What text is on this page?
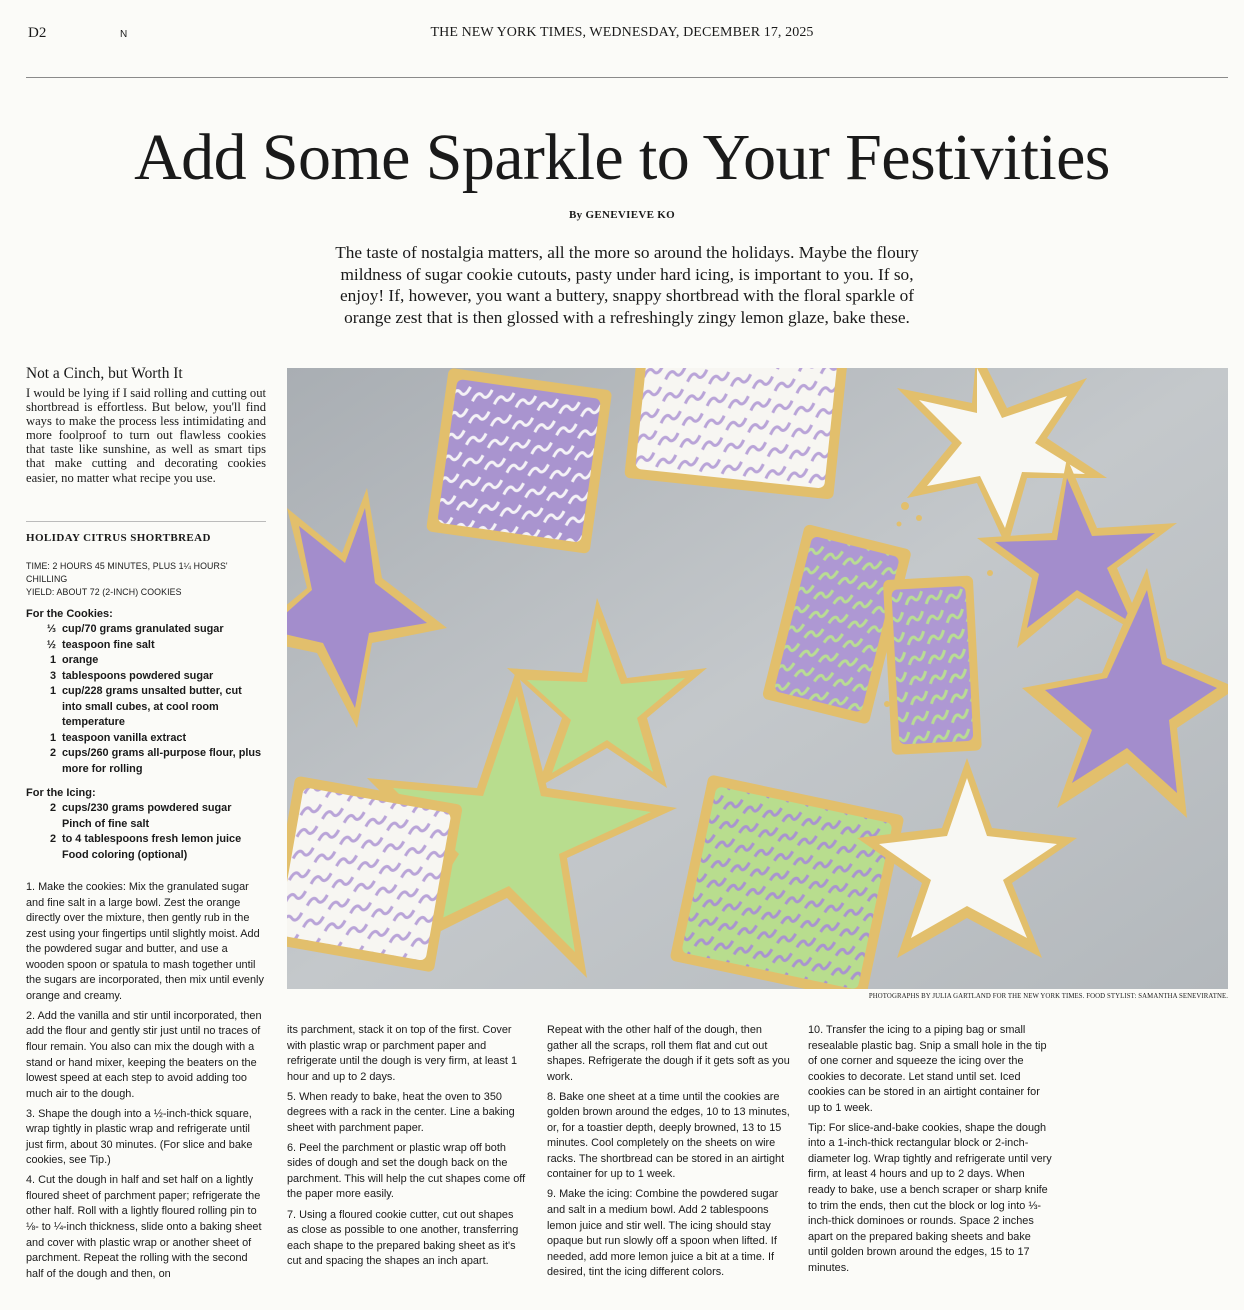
D2	N	THE NEW YORK TIMES, WEDNESDAY, DECEMBER 17, 2025
Add Some Sparkle to Your Festivities
By GENEVIEVE KO
The taste of nostalgia matters, all the more so around the holidays. Maybe the floury mildness of sugar cookie cutouts, pasty under hard icing, is important to you. If so, enjoy! If, however, you want a buttery, snappy shortbread with the floral sparkle of orange zest that is then glossed with a refreshingly zingy lemon glaze, bake these.
Not a Cinch, but Worth It
I would be lying if I said rolling and cutting out shortbread is effortless. But below, you'll find ways to make the process less intimidating and more foolproof to turn out flawless cookies that taste like sunshine, as well as smart tips that make cutting and decorating cookies easier, no matter what recipe you use.
HOLIDAY CITRUS SHORTBREAD
TIME: 2 HOURS 45 MINUTES, PLUS 1¼ HOURS' CHILLING
YIELD: ABOUT 72 (2-INCH) COOKIES
For the Cookies:
⅓ cup/70 grams granulated sugar
½ teaspoon fine salt
1 orange
3 tablespoons powdered sugar
1 cup/228 grams unsalted butter, cut into small cubes, at cool room temperature
1 teaspoon vanilla extract
2 cups/260 grams all-purpose flour, plus more for rolling
For the Icing:
2 cups/230 grams powdered sugar
Pinch of fine salt
2 to 4 tablespoons fresh lemon juice
Food coloring (optional)

1. Make the cookies: Mix the granulated sugar and fine salt in a large bowl. Zest the orange directly over the mixture, then gently rub in the zest using your fingertips until slightly moist. Add the powdered sugar and butter, and use a wooden spoon or spatula to mash together until the sugars are incorporated, then mix until evenly orange and creamy.

2. Add the vanilla and stir until incorporated, then add the flour and gently stir just until no traces of flour remain. You also can mix the dough with a stand or hand mixer, keeping the beaters on the lowest speed at each step to avoid adding too much air to the dough.

3. Shape the dough into a ½-inch-thick square, wrap tightly in plastic wrap and refrigerate until just firm, about 30 minutes. (For slice and bake cookies, see Tip.)

4. Cut the dough in half and set half on a lightly floured sheet of parchment paper; refrigerate the other half. Roll with a lightly floured rolling pin to ⅛- to ¼-inch thickness, slide onto a baking sheet and cover with plastic wrap or another sheet of parchment. Repeat the rolling with the second half of the dough and then, on

its parchment, stack it on top of the first. Cover with plastic wrap or parchment paper and refrigerate until the dough is very firm, at least 1 hour and up to 2 days.

5. When ready to bake, heat the oven to 350 degrees with a rack in the center. Line a baking sheet with parchment paper.

6. Peel the parchment or plastic wrap off both sides of dough and set the dough back on the parchment. This will help the cut shapes come off the paper more easily.

7. Using a floured cookie cutter, cut out shapes as close as possible to one another, transferring each shape to the prepared baking sheet as it's cut and spacing the shapes an inch apart.

Repeat with the other half of the dough, then gather all the scraps, roll them flat and cut out shapes. Refrigerate the dough if it gets soft as you work.

8. Bake one sheet at a time until the cookies are golden brown around the edges, 10 to 13 minutes, or, for a toastier depth, deeply browned, 13 to 15 minutes. Cool completely on the sheets on wire racks. The shortbread can be stored in an airtight container for up to 1 week.

9. Make the icing: Combine the powdered sugar and salt in a medium bowl. Add 2 tablespoons lemon juice and stir well. The icing should stay opaque but run slowly off a spoon when lifted. If needed, add more lemon juice a bit at a time. If desired, tint the icing different colors.

10. Transfer the icing to a piping bag or small resealable plastic bag. Snip a small hole in the tip of one corner and squeeze the icing over the cookies to decorate. Let stand until set. Iced cookies can be stored in an airtight container for up to 1 week.

Tip: For slice-and-bake cookies, shape the dough into a 1-inch-thick rectangular block or 2-inch-diameter log. Wrap tightly and refrigerate until very firm, at least 4 hours and up to 2 days. When ready to bake, use a bench scraper or sharp knife to trim the ends, then cut the block or log into ⅓-inch-thick dominoes or rounds. Space 2 inches apart on the prepared baking sheets and bake until golden brown around the edges, 15 to 17 minutes.

PHOTOGRAPHS BY JULIA GARTLAND FOR THE NEW YORK TIMES. FOOD STYLIST: SAMANTHA SENEVIRATNE.
